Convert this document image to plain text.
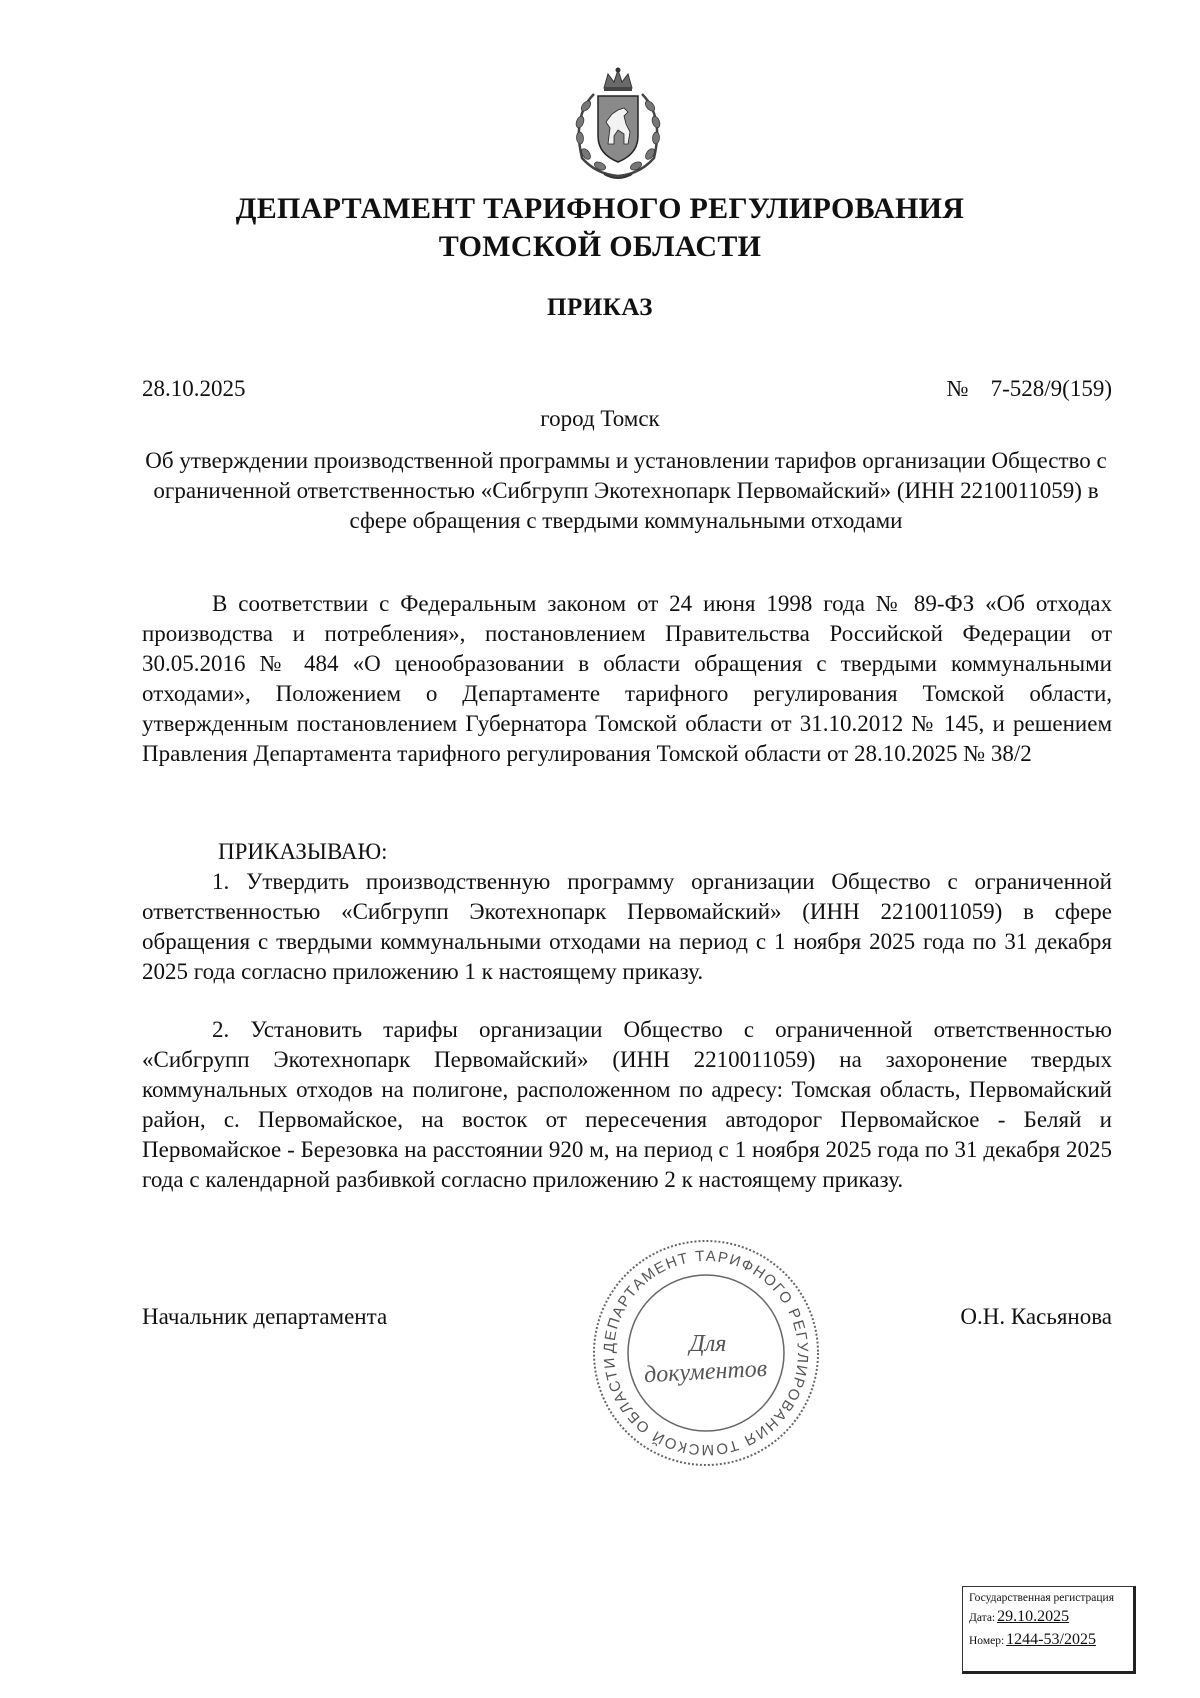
ДЕПАРТАМЕНТ ТАРИФНОГО РЕГУЛИРОВАНИЯ
ТОМСКОЙ ОБЛАСТИ
ПРИКАЗ
28.10.2025	№ 7-528/9(159)
город Томск
Об утверждении производственной программы и установлении тарифов организации Общество с ограниченной ответственностью «Сибгрупп Экотехнопарк Первомайский» (ИНН 2210011059) в сфере обращения с твердыми коммунальными отходами

В соответствии с Федеральным законом от 24 июня 1998 года № 89-ФЗ «Об отходах производства и потребления», постановлением Правительства Российской Федерации от 30.05.2016 № 484 «О ценообразовании в области обращения с твердыми коммунальными отходами», Положением о Департаменте тарифного регулирования Томской области, утвержденным постановлением Губернатора Томской области от 31.10.2012 № 145, и решением Правления Департамента тарифного регулирования Томской области от 28.10.2025 № 38/2

ПРИКАЗЫВАЮ:

1. Утвердить производственную программу организации Общество с ограниченной ответственностью «Сибгрупп Экотехнопарк Первомайский» (ИНН 2210011059) в сфере обращения с твердыми коммунальными отходами на период с 1 ноября 2025 года по 31 декабря 2025 года согласно приложению 1 к настоящему приказу.

2. Установить тарифы организации Общество с ограниченной ответственностью «Сибгрупп Экотехнопарк Первомайский» (ИНН 2210011059) на захоронение твердых коммунальных отходов на полигоне, расположенном по адресу: Томская область, Первомайский район, с. Первомайское, на восток от пересечения автодорог Первомайское - Беляй и Первомайское - Березовка на расстоянии 920 м, на период с 1 ноября 2025 года по 31 декабря 2025 года с календарной разбивкой согласно приложению 2 к настоящему приказу.

Начальник департамента	О.Н. Касьянова
ДЕПАРТАМЕНТ ТАРИФНОГО РЕГУЛИРОВАНИЯ ТОМСКОЙ ОБЛАСТИ
Для
документов
Государственная регистрация
Дата: 29.10.2025
Номер: 1244-53/2025
